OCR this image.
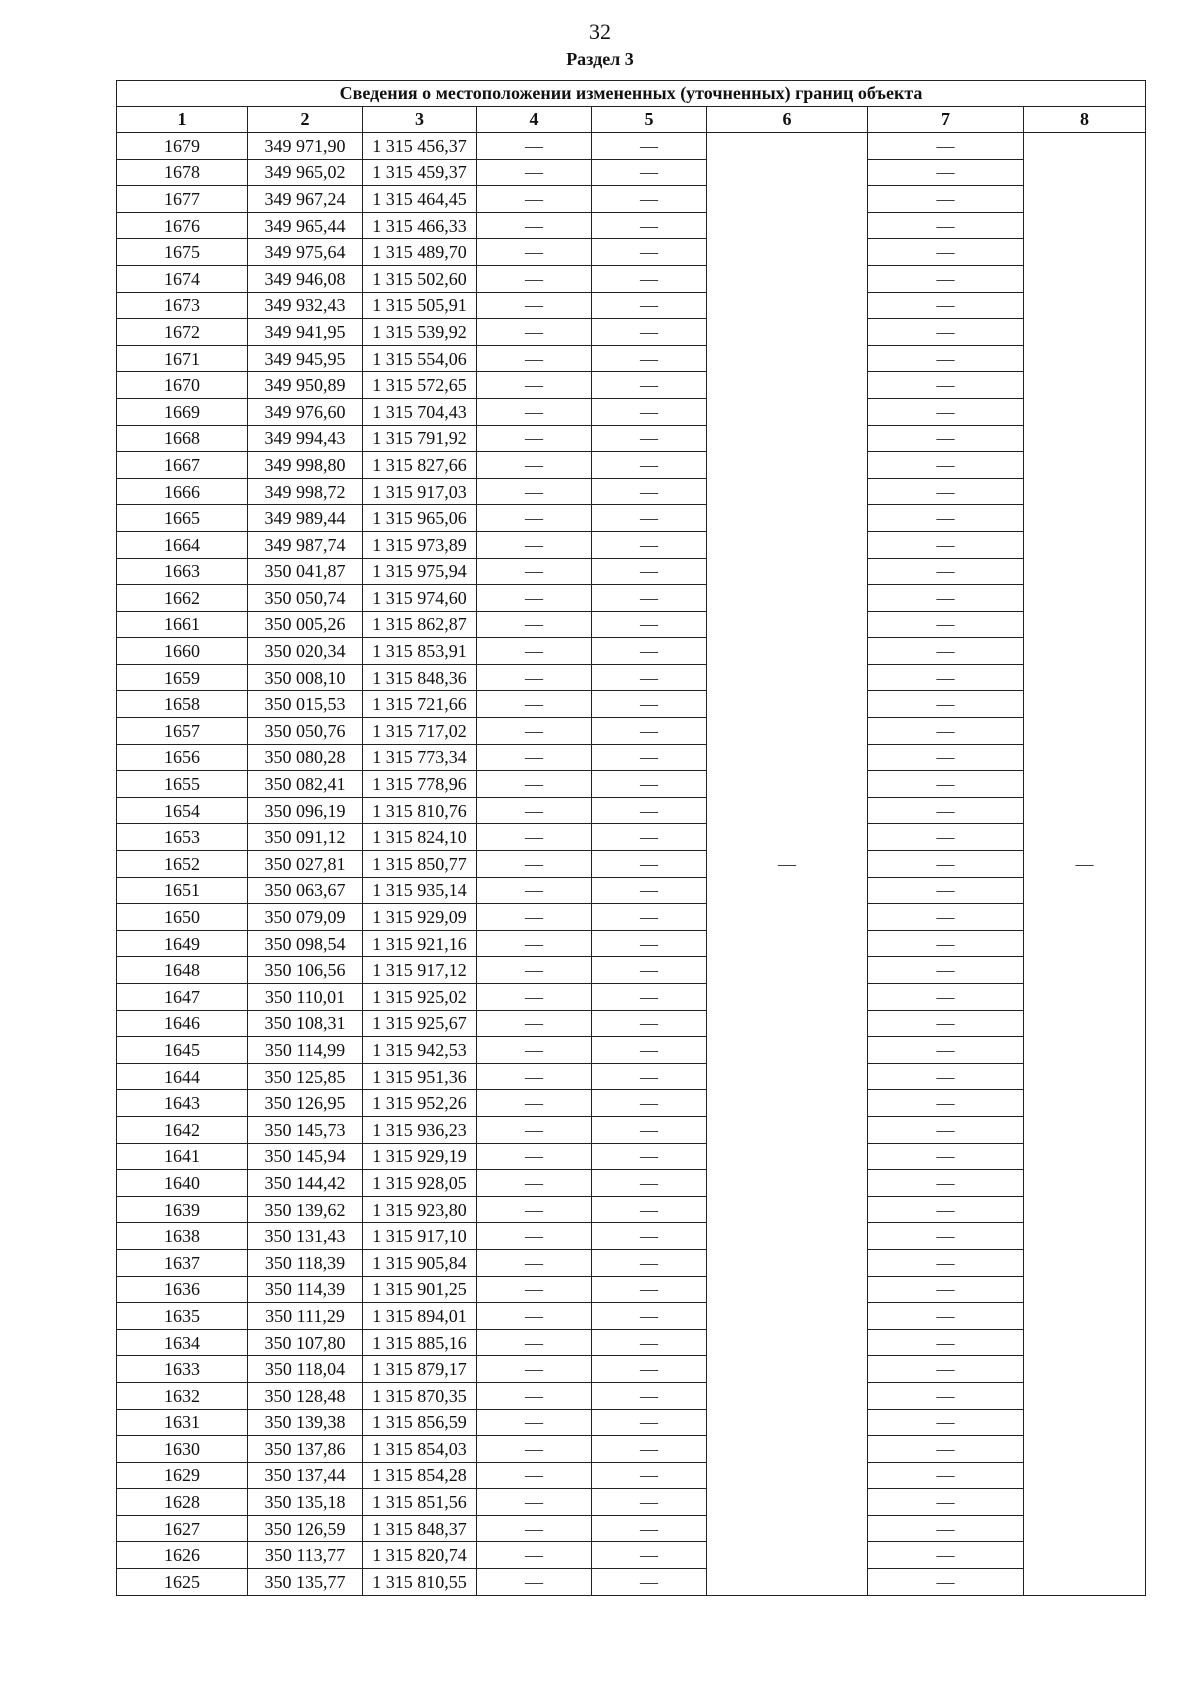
32
Раздел 3
Сведения о местоположении измененных (уточненных) границ объекта							
1	2	3	4	5	6	7	8
1679	349 971,90	1 315 456,37	—	—	—	—	—
1678	349 965,02	1 315 459,37	—	—		—	
1677	349 967,24	1 315 464,45	—	—		—	
1676	349 965,44	1 315 466,33	—	—		—	
1675	349 975,64	1 315 489,70	—	—		—	
1674	349 946,08	1 315 502,60	—	—		—	
1673	349 932,43	1 315 505,91	—	—		—	
1672	349 941,95	1 315 539,92	—	—		—	
1671	349 945,95	1 315 554,06	—	—		—	
1670	349 950,89	1 315 572,65	—	—		—	
1669	349 976,60	1 315 704,43	—	—		—	
1668	349 994,43	1 315 791,92	—	—		—	
1667	349 998,80	1 315 827,66	—	—		—	
1666	349 998,72	1 315 917,03	—	—		—	
1665	349 989,44	1 315 965,06	—	—		—	
1664	349 987,74	1 315 973,89	—	—		—	
1663	350 041,87	1 315 975,94	—	—		—	
1662	350 050,74	1 315 974,60	—	—		—	
1661	350 005,26	1 315 862,87	—	—		—	
1660	350 020,34	1 315 853,91	—	—		—	
1659	350 008,10	1 315 848,36	—	—		—	
1658	350 015,53	1 315 721,66	—	—		—	
1657	350 050,76	1 315 717,02	—	—		—	
1656	350 080,28	1 315 773,34	—	—		—	
1655	350 082,41	1 315 778,96	—	—		—	
1654	350 096,19	1 315 810,76	—	—		—	
1653	350 091,12	1 315 824,10	—	—		—	
1652	350 027,81	1 315 850,77	—	—		—	
1651	350 063,67	1 315 935,14	—	—		—	
1650	350 079,09	1 315 929,09	—	—		—	
1649	350 098,54	1 315 921,16	—	—		—	
1648	350 106,56	1 315 917,12	—	—		—	
1647	350 110,01	1 315 925,02	—	—		—	
1646	350 108,31	1 315 925,67	—	—		—	
1645	350 114,99	1 315 942,53	—	—		—	
1644	350 125,85	1 315 951,36	—	—		—	
1643	350 126,95	1 315 952,26	—	—		—	
1642	350 145,73	1 315 936,23	—	—		—	
1641	350 145,94	1 315 929,19	—	—		—	
1640	350 144,42	1 315 928,05	—	—		—	
1639	350 139,62	1 315 923,80	—	—		—	
1638	350 131,43	1 315 917,10	—	—		—	
1637	350 118,39	1 315 905,84	—	—		—	
1636	350 114,39	1 315 901,25	—	—		—	
1635	350 111,29	1 315 894,01	—	—		—	
1634	350 107,80	1 315 885,16	—	—		—	
1633	350 118,04	1 315 879,17	—	—		—	
1632	350 128,48	1 315 870,35	—	—		—	
1631	350 139,38	1 315 856,59	—	—		—	
1630	350 137,86	1 315 854,03	—	—		—	
1629	350 137,44	1 315 854,28	—	—		—	
1628	350 135,18	1 315 851,56	—	—		—	
1627	350 126,59	1 315 848,37	—	—		—	
1626	350 113,77	1 315 820,74	—	—		—	
1625	350 135,77	1 315 810,55	—	—		—	
